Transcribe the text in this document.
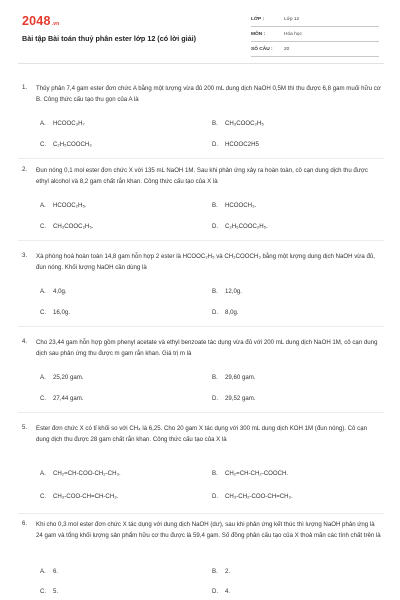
2048.vn
Bài tập Bài toán thuỷ phân ester lớp 12 (có lời giải)
LỚP :	Lớp 12
MÔN :	Hóa học
SỐ CÂU : 20
1. Thủy phân 7,4 gam ester đơn chức A bằng một lượng vừa đủ 200 mL dung dịch NaOH 0,5M thì thu được 6,8 gam muối hữu cơ B. Công thức cấu tạo thu gọn của A là
A. HCOOC₃H₇	B. CH₃COOC₂H₅
C. C₂H₅COOCH₃	D. HCOOC2H5
2. Đun nóng 0,1 mol ester đơn chức X với 135 mL NaOH 1M. Sau khi phản ứng xảy ra hoàn toàn, cô cạn dung dịch thu được ethyl alcohol và 8,2 gam chất rắn khan. Công thức cấu tạo của X là
A. HCOOC₂H₅.	B. HCOOCH₃.
C. CH₃COOC₂H₅.	D. C₂H₅COOC₂H₅.
3. Xà phòng hoá hoàn toàn 14,8 gam hỗn hợp 2 ester là HCOOC₂H₅ và CH₃COOCH₃ bằng một lượng dung dịch NaOH vừa đủ, đun nóng. Khối lượng NaOH cần dùng là
A. 4,0g.	B. 12,0g.
C. 16,0g.	D. 8,0g.
4. Cho 23,44 gam hỗn hợp gồm phenyl acetate và ethyl benzoate tác dụng vừa đủ với 200 mL dung dịch NaOH 1M, cô cạn dung dịch sau phản ứng thu được m gam rắn khan. Giá trị m là
A. 25,20 gam.	B. 29,60 gam.
C. 27,44 gam.	D. 29,52 gam.
5. Ester đơn chức X có tỉ khối so với CH₄ là 6,25. Cho 20 gam X tác dụng với 300 mL dung dịch KOH 1M (đun nóng). Cô cạn dung dịch thu được 28 gam chất rắn khan. Công thức cấu tạo của X là
A. CH₂=CH-COO-CH₂-CH₃.	B. CH₂=CH-CH₂-COOCH.
C. CH₃-COO-CH=CH-CH₃.	D. CH₃-CH₂-COO-CH=CH₂.
6. Khi cho 0,3 mol ester đơn chức X tác dụng với dung dịch NaOH (dư), sau khi phản ứng kết thúc thì lượng NaOH phản ứng là 24 gam và tổng khối lượng sản phẩm hữu cơ thu được là 59,4 gam. Số đồng phân cấu tạo của X thoả mãn các tính chất trên là
A. 6.	B. 2.
C. 5.	D. 4.
